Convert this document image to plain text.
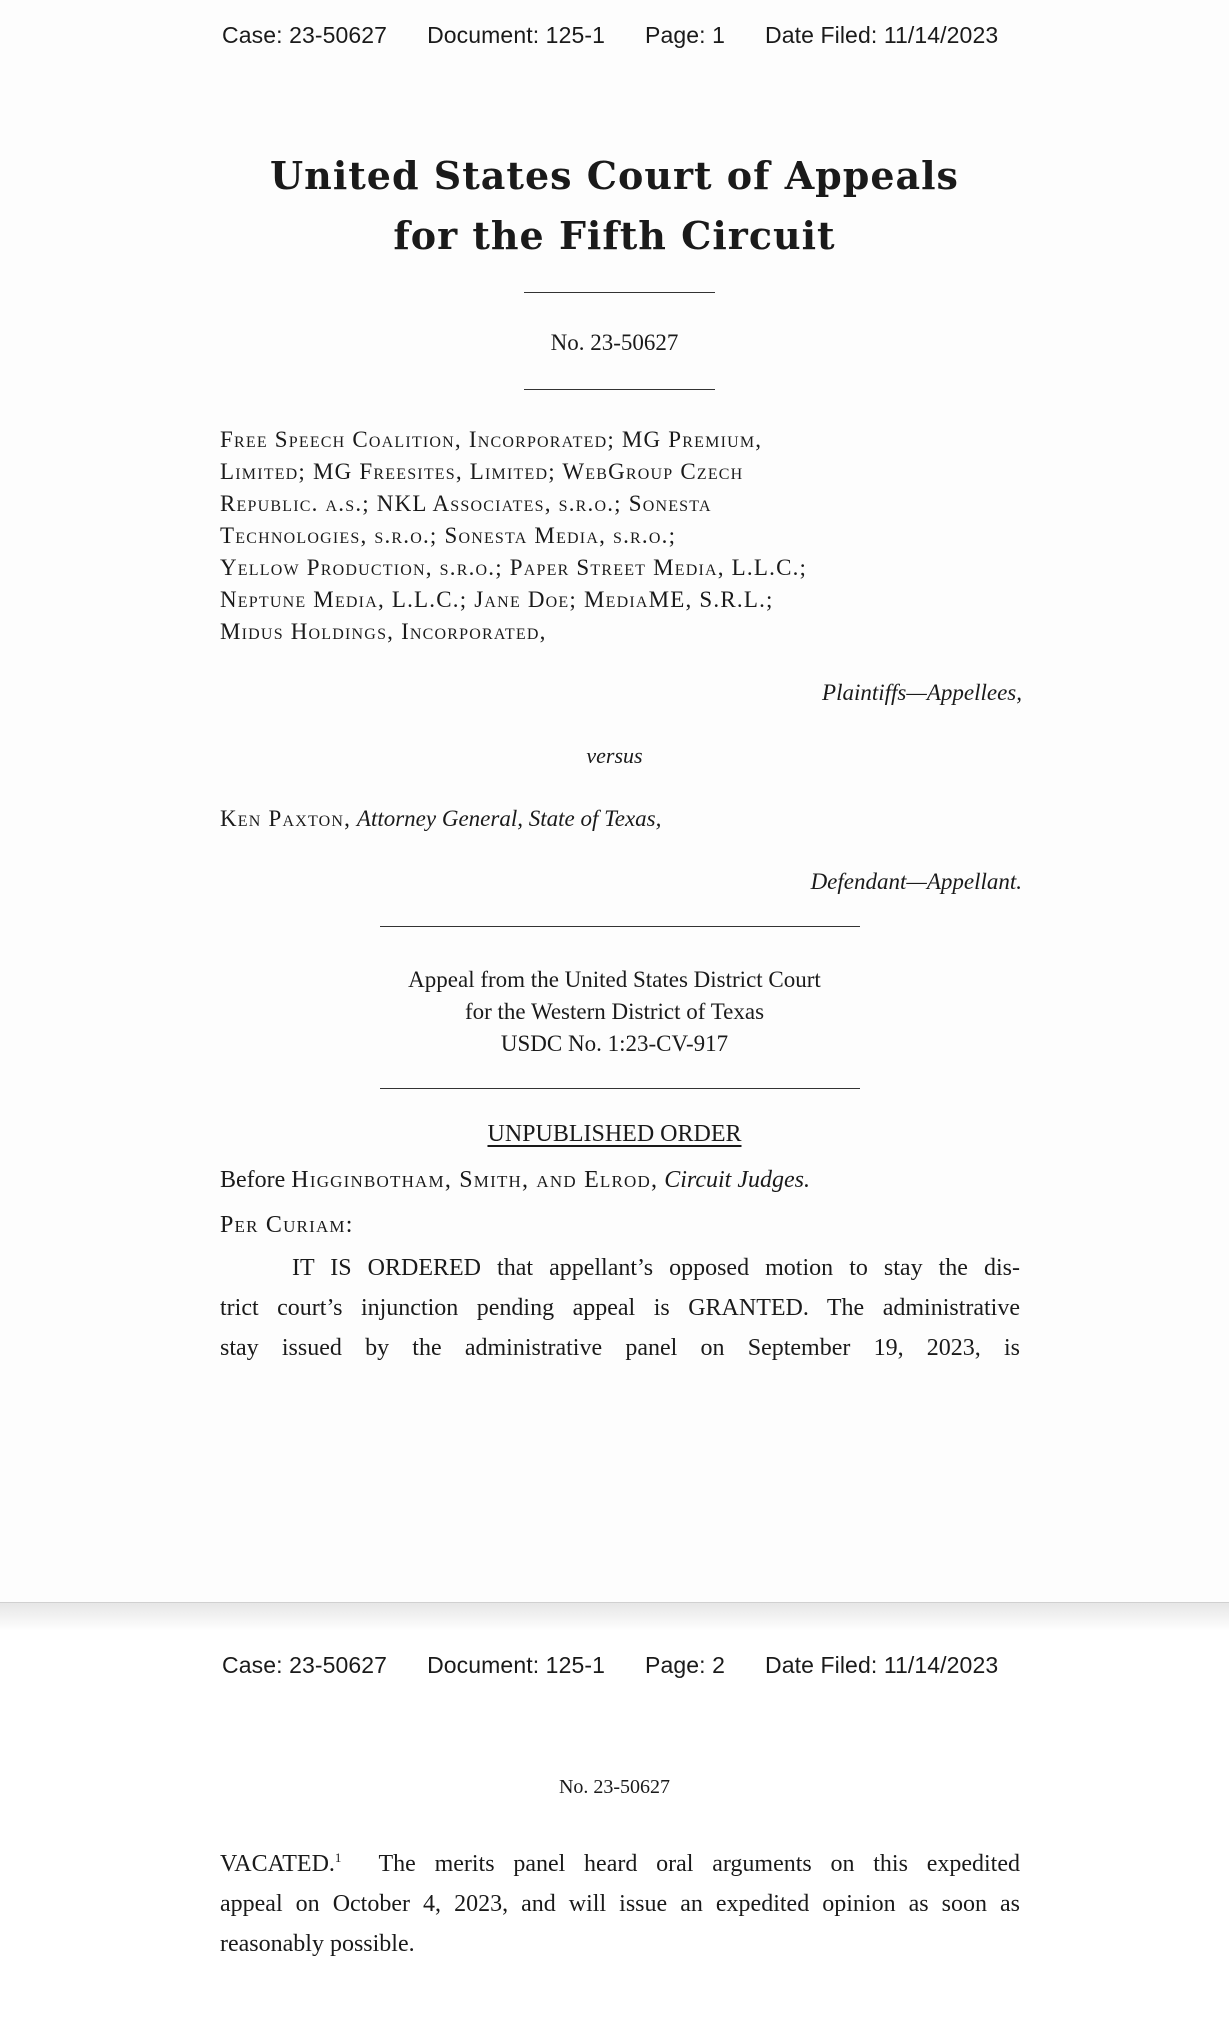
Case: 23-50627 Document: 125-1 Page: 1 Date Filed: 11/14/2023
United States Court of Appeals
for the Fifth Circuit
No. 23-50627
Free Speech Coalition, Incorporated; MG Premium,
Limited; MG Freesites, Limited; WebGroup Czech
Republic. a.s.; NKL Associates, s.r.o.; Sonesta
Technologies, s.r.o.; Sonesta Media, s.r.o.;
Yellow Production, s.r.o.; Paper Street Media, L.L.C.;
Neptune Media, L.L.C.; Jane Doe; MediaME, S.R.L.;
Midus Holdings, Incorporated,
Plaintiffs—Appellees,
versus
Ken Paxton, Attorney General, State of Texas,
Defendant—Appellant.
Appeal from the United States District Court
for the Western District of Texas
USDC No. 1:23-CV-917
UNPUBLISHED ORDER
Before Higginbotham, Smith, and Elrod, Circuit Judges.
Per Curiam:
IT IS ORDERED that appellant’s opposed motion to stay the dis-
trict court’s injunction pending appeal is GRANTED. The administrative
stay issued by the administrative panel on September 19, 2023, is
Case: 23-50627 Document: 125-1 Page: 2 Date Filed: 11/14/2023
No. 23-50627
VACATED.$^1$ The merits panel heard oral arguments on this expedited
appeal on October 4, 2023, and will issue an expedited opinion as soon as
reasonably possible.
